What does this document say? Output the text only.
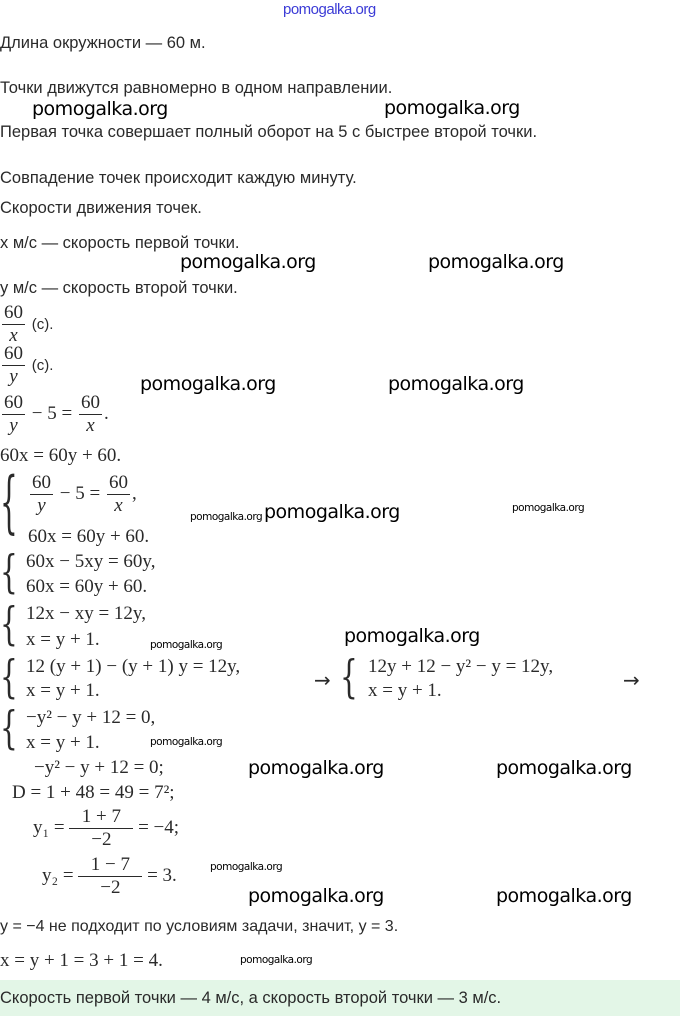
pomogalka.org
Длина окружности — 60 м.
Точки движутся равномерно в одном направлении.
pomogalka.org	pomogalka.org
Первая точка совершает полный оборот на 5 с быстрее второй точки.
Совпадение точек происходит каждую минуту.
Скорости движения точек.
x м/с — скорость первой точки.
pomogalka.org	pomogalka.org
y м/с — скорость второй точки.
$\frac{60}{x} (с)$.
$\frac{60}{y} (с)$.
pomogalka.org	pomogalka.org
$\frac{60}{y} - 5 = \frac{60}{x}$ .
60x = 60y + 60.
{ $\frac{60}{y} - 5 = \frac{60}{x}$ ,
60x = 60y + 60.
pomogalka.org pomogalka.org	pomogalka.org
{ 60x − 5xy = 60y,
60x = 60y + 60.
{ 12x − xy = 12y,
x = y + 1.	pomogalka.org	pomogalka.org
{ 12 (y + 1) − (y + 1) y = 12y,
x = y + 1.	→ { 12y + 12 − y² − y = 12y,
x = y + 1.	→
{ −y² − y + 12 = 0,
x = y + 1.	pomogalka.org
−y² − y + 12 = 0;	pomogalka.org	pomogalka.org
D = 1 + 48 = 49 = 7²;
$y_1 = \frac{1 + 7}{-2} = -4$;
$y_2 = \frac{1 - 7}{-2} = 3$.	pomogalka.org
pomogalka.org	pomogalka.org
y = −4 не подходит по условиям задачи, значит, y = 3.
x = y + 1 = 3 + 1 = 4.	pomogalka.org
Скорость первой точки — 4 м/с, а скорость второй точки — 3 м/с.
